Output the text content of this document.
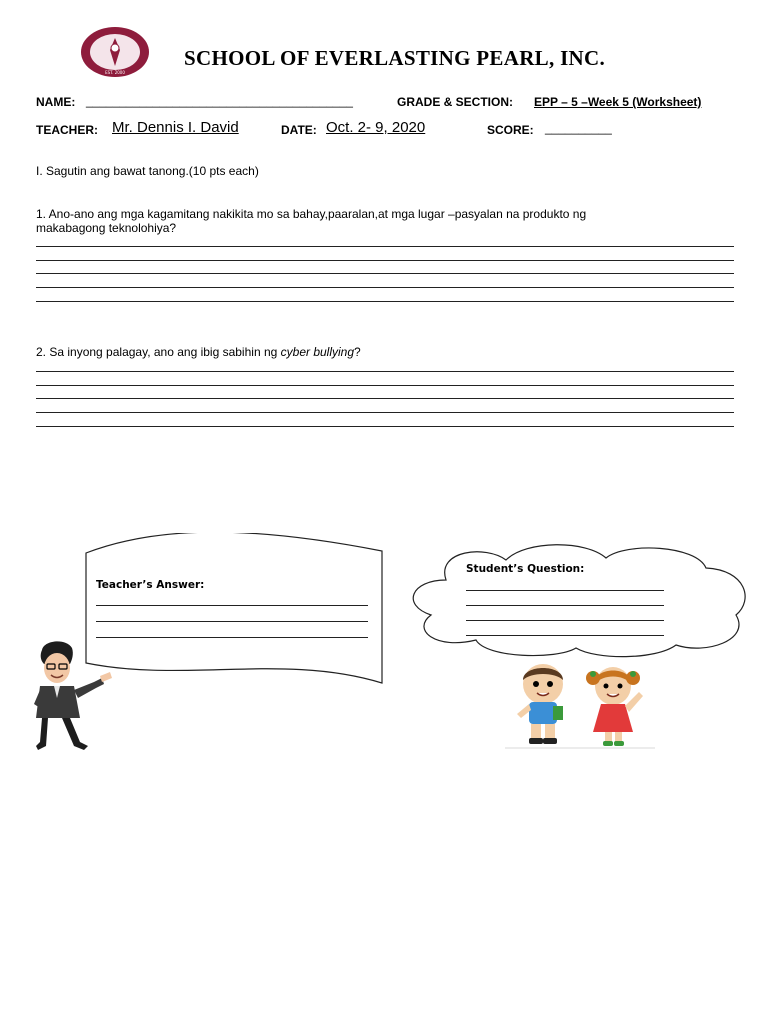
EST. 2000
SCHOOL OF EVERLASTING PEARL, INC.
NAME: ________________________________________	GRADE & SECTION: EPP – 5 –Week 5 (Worksheet)
TEACHER: Mr. Dennis I. David	DATE: Oct. 2- 9, 2020	SCORE: __________
I. Sagutin ang bawat tanong.(10 pts each)
1. Ano-ano ang mga kagamitang nakikita mo sa bahay,paaralan,at mga lugar –pasyalan na produkto ng
makabagong teknolohiya?
2. Sa inyong palagay, ano ang ibig sabihin ng cyber bullying?
Teacher’s Answer:
Student’s Question:
